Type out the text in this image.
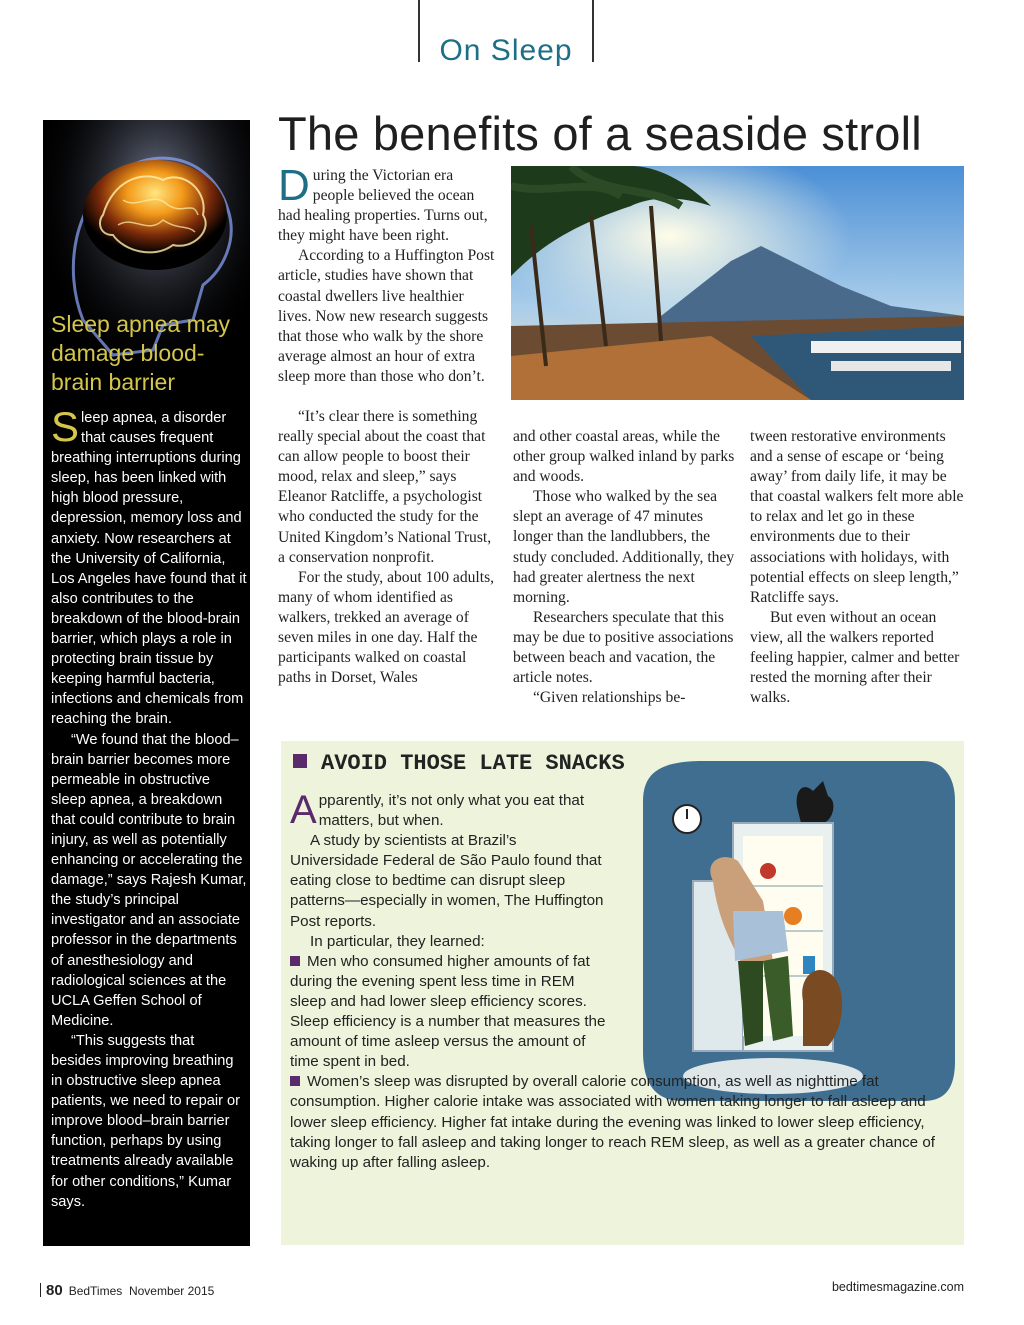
On Sleep
The benefits of a seaside stroll
Sleep apnea may damage blood-brain barrier

Sleep apnea, a disorder that causes frequent breathing interruptions during sleep, has been linked with high blood pressure, depression, memory loss and anxiety. Now researchers at the University of California, Los Angeles have found that it also contributes to the breakdown of the blood-brain barrier, which plays a role in protecting brain tissue by keeping harmful bacteria, infections and chemicals from reaching the brain.

“We found that the blood–brain barrier becomes more permeable in obstructive sleep apnea, a breakdown that could contribute to brain injury, as well as potentially enhancing or accelerating the damage,” says Rajesh Kumar, the study’s principal investigator and an associate professor in the departments of anesthesiology and radiological sciences at the UCLA Geffen School of Medicine.

“This suggests that besides improving breathing in obstructive sleep apnea patients, we need to repair or improve blood–brain barrier function, perhaps by using treatments already available for other conditions,” Kumar says.

During the Victorian era people believed the ocean had healing properties. Turns out, they might have been right.

According to a Huffington Post article, studies have shown that coastal dwellers live healthier lives. Now new research suggests that those who walk by the shore average almost an hour of extra sleep more than those who don’t.

“It’s clear there is something really special about the coast that can allow people to boost their mood, relax and sleep,” says Eleanor Ratcliffe, a psychologist who conducted the study for the United Kingdom’s National Trust, a conservation nonprofit.

For the study, about 100 adults, many of whom identified as walkers, trekked an average of seven miles in one day. Half the participants walked on coastal paths in Dorset, Wales

and other coastal areas, while the other group walked inland by parks and woods.

Those who walked by the sea slept an average of 47 minutes longer than the landlubbers, the study concluded. Additionally, they had greater alertness the next morning.

Researchers speculate that this may be due to positive associations between beach and vacation, the article notes.

“Given relationships be-

tween restorative environments and a sense of escape or ‘being away’ from daily life, it may be that coastal walkers felt more able to relax and let go in these environments due to their associations with holidays, with potential effects on sleep length,” Ratcliffe says.

But even without an ocean view, all the walkers reported feeling happier, calmer and better rested the morning after their walks.

AVOID THOSE LATE SNACKS

A pparently, it’s not only what you eat that matters, but when.

A study by scientists at Brazil’s Universidade Federal de São Paulo found that eating close to bedtime can disrupt sleep patterns—especially in women, The Huffington Post reports.

In particular, they learned:

Men who consumed higher amounts of fat during the evening spent less time in REM sleep and had lower sleep efficiency scores. Sleep efficiency is a number that measures the amount of time asleep versus the amount of time spent in bed.

Women’s sleep was disrupted by overall calorie consumption, as well as nighttime fat consumption. Higher calorie intake was associated with women taking longer to fall asleep and lower sleep efficiency. Higher fat intake during the evening was linked to lower sleep efficiency, taking longer to fall asleep and taking longer to reach REM sleep, as well as a greater chance of waking up after falling asleep.

80 BedTimes November 2015	bedtimesmagazine.com
